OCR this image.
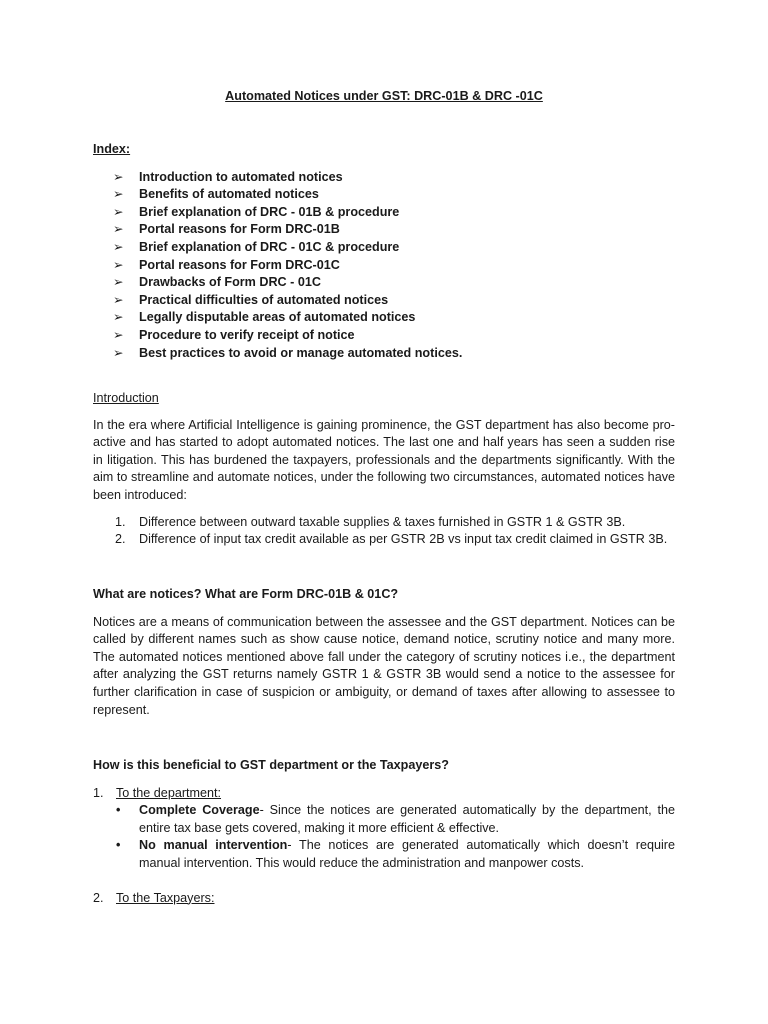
Automated Notices under GST: DRC-01B & DRC -01C
Index:
➢ Introduction to automated notices
➢ Benefits of automated notices
➢ Brief explanation of DRC - 01B & procedure
➢ Portal reasons for Form DRC-01B
➢ Brief explanation of DRC - 01C & procedure
➢ Portal reasons for Form DRC-01C
➢ Drawbacks of Form DRC - 01C
➢ Practical difficulties of automated notices
➢ Legally disputable areas of automated notices
➢ Procedure to verify receipt of notice
➢ Best practices to avoid or manage automated notices.
Introduction

In the era where Artificial Intelligence is gaining prominence, the GST department has also become pro-active and has started to adopt automated notices. The last one and half years has seen a sudden rise in litigation. This has burdened the taxpayers, professionals and the departments significantly. With the aim to streamline and automate notices, under the following two circumstances, automated notices have been introduced:

1. Difference between outward taxable supplies & taxes furnished in GSTR 1 & GSTR 3B.
2. Difference of input tax credit available as per GSTR 2B vs input tax credit claimed in GSTR 3B.
What are notices? What are Form DRC-01B & 01C?

Notices are a means of communication between the assessee and the GST department. Notices can be called by different names such as show cause notice, demand notice, scrutiny notice and many more. The automated notices mentioned above fall under the category of scrutiny notices i.e., the department after analyzing the GST returns namely GSTR 1 & GSTR 3B would send a notice to the assessee for further clarification in case of suspicion or ambiguity, or demand of taxes after allowing to assessee to represent.

How is this beneficial to GST department or the Taxpayers?
1. To the department:
• Complete Coverage- Since the notices are generated automatically by the department, the entire tax base gets covered, making it more efficient & effective.
• No manual intervention- The notices are generated automatically which doesn’t require manual intervention. This would reduce the administration and manpower costs.
2. To the Taxpayers:
